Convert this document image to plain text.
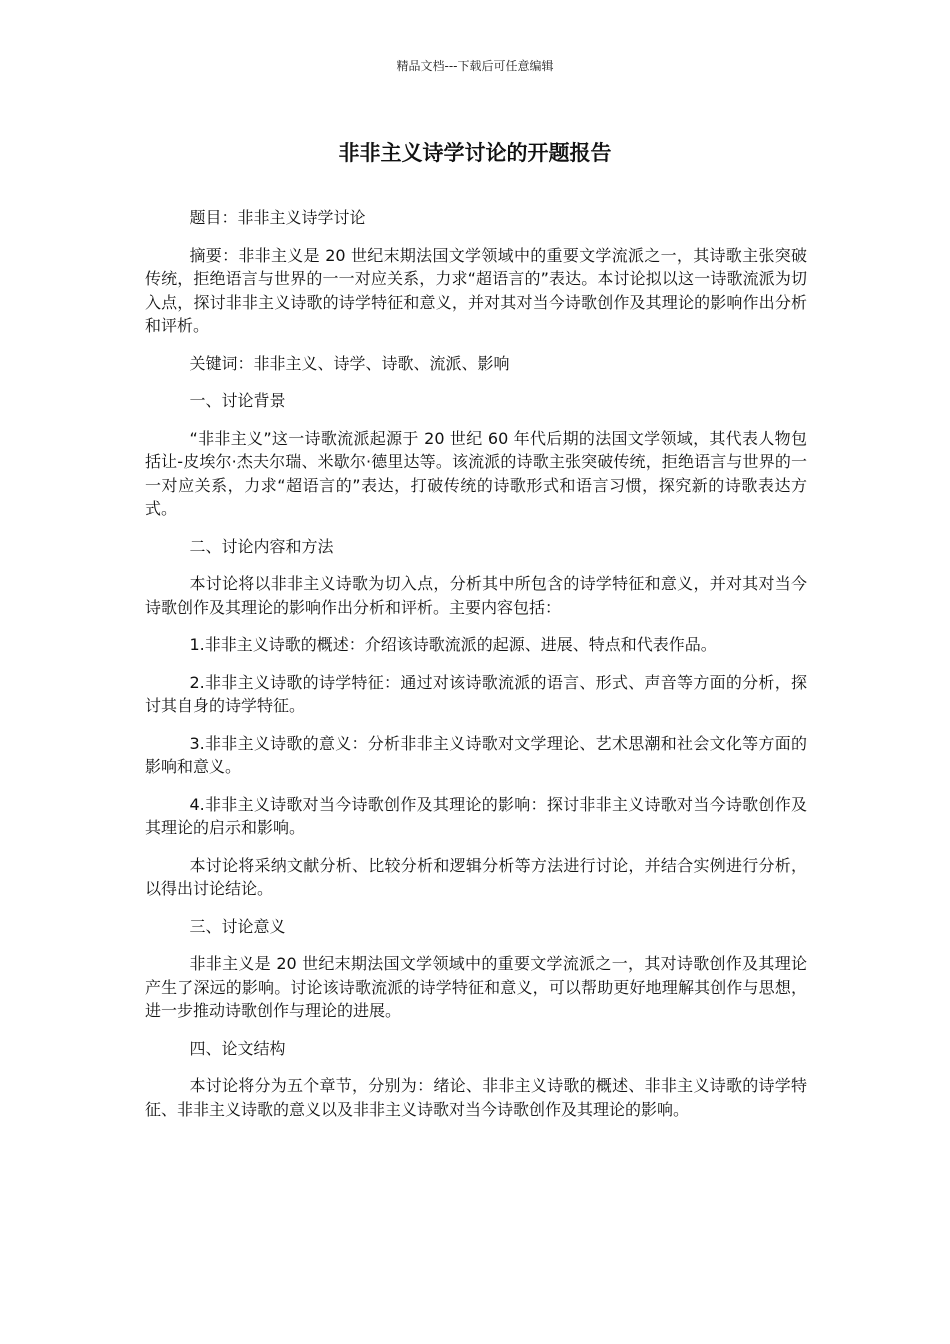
精品文档---下载后可任意编辑
非非主义诗学讨论的开题报告

题目：非非主义诗学讨论

摘要：非非主义是 20 世纪末期法国文学领域中的重要文学流派之一，其诗歌主张突破传统，拒绝语言与世界的一一对应关系，力求“超语言的”表达。本讨论拟以这一诗歌流派为切入点，探讨非非主义诗歌的诗学特征和意义，并对其对当今诗歌创作及其理论的影响作出分析和评析。

关键词：非非主义、诗学、诗歌、流派、影响

一、讨论背景

“非非主义”这一诗歌流派起源于 20 世纪 60 年代后期的法国文学领域，其代表人物包括让-皮埃尔·杰夫尔瑞、米歇尔·德里达等。该流派的诗歌主张突破传统，拒绝语言与世界的一一对应关系，力求“超语言的”表达，打破传统的诗歌形式和语言习惯，探究新的诗歌表达方式。

二、讨论内容和方法

本讨论将以非非主义诗歌为切入点，分析其中所包含的诗学特征和意义，并对其对当今诗歌创作及其理论的影响作出分析和评析。主要内容包括：

1.非非主义诗歌的概述：介绍该诗歌流派的起源、进展、特点和代表作品。

2.非非主义诗歌的诗学特征：通过对该诗歌流派的语言、形式、声音等方面的分析，探讨其自身的诗学特征。

3.非非主义诗歌的意义：分析非非主义诗歌对文学理论、艺术思潮和社会文化等方面的影响和意义。

4.非非主义诗歌对当今诗歌创作及其理论的影响：探讨非非主义诗歌对当今诗歌创作及其理论的启示和影响。

本讨论将采纳文献分析、比较分析和逻辑分析等方法进行讨论，并结合实例进行分析，以得出讨论结论。

三、讨论意义

非非主义是 20 世纪末期法国文学领域中的重要文学流派之一，其对诗歌创作及其理论产生了深远的影响。讨论该诗歌流派的诗学特征和意义，可以帮助更好地理解其创作与思想，进一步推动诗歌创作与理论的进展。

四、论文结构

本讨论将分为五个章节，分别为：绪论、非非主义诗歌的概述、非非主义诗歌的诗学特征、非非主义诗歌的意义以及非非主义诗歌对当今诗歌创作及其理论的影响。
